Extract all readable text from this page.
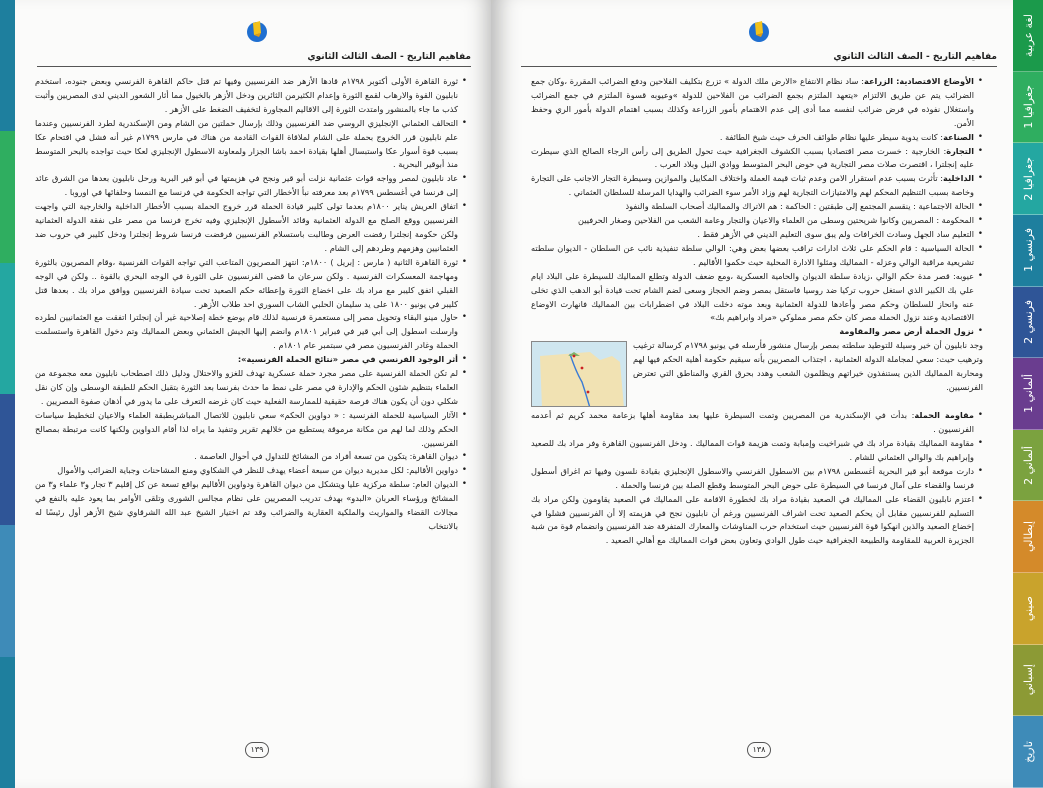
مفاهيم التاريخ - الصف الثالث الثانوي
• ثورة القاهرة الأولى أكتوبر ١٧٩٨م قادها الأزهر ضد الفرنسيين وفيها تم قتل حاكم القاهرة الفرنسي وبعض جنوده، استخدم نابليون القوة والارهاب لقمع الثورة وإعدام الكثيرمن الثائرين ودخل الأزهر بالخيول مما أثار الشعور الديني لدى المصريين وأثبت كذب ما جاء بالمنشور وامتدت الثورة إلى الاقاليم المجاورة لتخفيف الضغط على الأزهر .
• التحالف العثماني الإنجليزي الروسي ضد الفرنسيين وذلك بإرسال حملتين من الشام ومن الإسكندرية لطرد الفرنسيين وعندما علم نابليون قرر الخروج بحملة على الشام لملاقاة القوات القادمة من هناك في مارس ١٧٩٩م غير أنه فشل في اقتحام عكا بسبب قوة أسوار عكا واستبسال أهلها بقيادة احمد باشا الجزار ولمعاونة الاسطول الإنجليزي لعكا حيث تواجده بالبحر المتوسط منذ أبوقير البحرية .
• عاد نابليون لمصر وواجه قوات عثمانية نزلت أبو قير ونجح في هزيمتها في أبو قير البرية ورحل نابليون بعدها من الشرق عائد إلى فرنسا في أغسطس ١٧٩٩م بعد معرفته نبأ الأخطار التي تواجه الحكومة في فرنسا مع النمسا وحلفائها في اوروبا .
• اتفاق العريش يناير ١٨٠٠م بعدما تولى كليبر قيادة الحملة قرر خروج الحملة بسبب الأخطار الداخلية والخارجية التي واجهت الفرنسيين ووقع الصلح مع الدولة العثمانية وقائد الأسطول الإنجليزي وفيه تخرج فرنسا من مصر على نفقة الدولة العثمانية ولكن حكومة إنجلترا رفضت العرض وطالبت باستسلام الفرنسيين فرفضت فرنسا شروط إنجلترا ودخل كليبر في حروب ضد العثمانيين وهزمهم وطردهم إلى الشام .
• ثورة القاهرة الثانية ( مارس : إبريل ) ١٨٠٠م: انتهز المصريون المتاعب التي تواجه القوات الفرنسية ،وقام المصريون بالثورة ومهاجمة المعسكرات الفرنسية . ولكن سرعان ما قضى الفرنسيون على الثورة في الوجه البحري بالقوة .. ولكن في الوجه القبلي اتفق كليبر مع مراد بك على اخضاع الثورة وإعطائه حكم الصعيد تحت سيادة الفرنسيين ووافق مراد بك . بعدها قتل كليبر في يونيو ١٨٠٠ على يد سليمان الحلبي الشاب السوري احد طلاب الأزهر .
• حاول مينو البقاء وتحويل مصر إلى مستعمرة فرنسية لذلك قام بوضع خطة إصلاحية غير أن إنجلترا اتفقت مع العثمانيين لطرده وارسلت اسطول إلى أبي قير في فبراير ١٨٠١م وانضم إليها الجيش العثماني وبعض المماليك وتم دخول القاهرة واستسلمت الحملة وغادر الفرنسيون مصر في سبتمبر عام ١٨٠١م .
• أثر الوجود الفرنسي في مصر «نتائج الحملة الفرنسية»:
• لم تكن الحملة الفرنسية على مصر مجرد حملة عسكرية تهدف للغزو والاحتلال ودليل ذلك اصطحاب نابليون معه مجموعة من العلماء بتنظيم شئون الحكم والإدارة في مصر على نمط ما حدث بفرنسا بعد الثورة بتقبل الحكم للطبقة الوسطى وإن كان نقل شكلي دون أن يكون هناك فرصة حقيقية للممارسة الفعلية حيث كان غرضه التعرف على ما يدور في أذهان صفوة المصريين .
• الآثار السياسية للحملة الفرنسية : « دواوين الحكم» سعي نابليون للاتصال المباشربطبقة العلماء والاعيان لتخطيط سياسات الحكم وذلك لما لهم من مكانة مرموقة يستطيع من خلالهم تقرير وتنفيذ ما يراه لذا أقام الدواوين ولكنها كانت مرتبطة بمصالح الفرنسيين.
• ديوان القاهرة: يتكون من تسعة أفراد من المشائخ للتداول في أحوال العاصمة .
• دواوين الأقاليم: لكل مديرية ديوان من سبعة أعضاء يهدف للنظر في الشكاوي ومنع المشاحنات وجباية الضرائب والأموال
• الديوان العام: سلطة مركزية عليا ويتشكل من ديوان القاهرة ودواوين الأقاليم بواقع تسعة عن كل إقليم ٣ تجار و٣ علماء و٣ من المشائخ ورؤساء العربان «البدو» بهدف تدريب المصريين على نظام مجالس الشورى وتلقى الأوامر بما يعود عليه بالنفع في مجالات القضاء والمواريث والملكية العقارية والضرائب وقد تم اختيار الشيخ عبد الله الشرقاوي شيخ الأزهر أول رئيسًا له بالانتخاب
١٣٩
مفاهيم التاريخ - الصف الثالث الثانوي
• الأوضاع الاقتصادية: الزراعة: ساد نظام الانتفاع «الارض ملك الدولة » تزرع بتكليف الفلاحين ودفع الضرائب المقررة ،وكان جمع الضرائب يتم عن طريق الالتزام «يتعهد الملتزم بجمع الضرائب من الفلاحين للدولة »وعيوبه قسوة الملتزم في جمع الضرائب واستغلال نفوذه في فرض ضرائب لنفسه مما أدى إلى عدم الاهتمام بأمور الزراعة وكذلك بسبب اهتمام الدولة بأمور الري وحفظ الأمن.
• الصناعة: كانت يدوية سيطر عليها نظام طوائف الحرف حيث شيخ الطائفة .
• التجارة: الخارجية : خسرت مصر اقتصاديا بسبب الكشوف الجغرافية حيث تحول الطريق إلى رأس الرجاء الصالح الذي سيطرت عليه إنجلترا ، اقتصرت صلات مصر التجارية في حوض البحر المتوسط ووادي النيل وبلاد العرب .
• الداخلية: تأثرت بسبب عدم استقرار الامن وعدم ثبات قيمة العملة واختلاف المكاييل والموازين وسيطرة التجار الاجانب على التجارة وخاصة بسبب التنظيم المحكم لهم والامتيازات التجارية لهم وزاد الأمر سوء الضرائب والهدايا المرسلة للسلطان العثماني .
• الحالة الاجتماعية : ينقسم المجتمع إلى طبقتين : الحاكمة : هم الاتراك والمماليك أصحاب السلطة والنفوذ
• المحكومة : المصريين وكانوا شريحتين وسطى من العلماء والاعيان والتجار وعامة الشعب من الفلاحين وصغار الحرفيين
• التعليم ساد الجهل وسادت الخرافات ولم يبق سوى التعليم الديني في الأزهر فقط .
• الحالة السياسية : قام الحكم على ثلاث ادارات تراقب بعضها بعض وهي: الوالي سلطة تنفيذية نائب عن السلطان - الديوان سلطته تشريعية مراقبة الوالي وعزله - المماليك ومثلوا الادارة المحلية حيث حكموا الأقاليم .
• عيوبه: قصر مدة حكم الوالي ،زيادة سلطة الديوان والحامية العسكرية ،ومع ضعف الدولة وتطلع المماليك للسيطرة على البلاد ايام علي بك الكبير الذي استغل حروب تركيا ضد روسيا فاستقل بمصر وضم الحجاز وسعى لضم الشام تحت قيادة أبو الدهب الذي تخلى عنه وانحاز للسلطان وحكم مصر وأعادها للدولة العثمانية وبعد موته دخلت البلاد في اضطرابات بين المماليك فانهارت الاوضاع الاقتصادية وعند نزول الحملة مصر كان حكم مصر مملوكي «مراد وابراهيم بك»
• نزول الحملة أرض مصر والمقاومة
وجد نابليون أن خير وسيلة للتوطيد سلطته بمصر بإرسال منشور فأرسله في يونيو ١٧٩٨م كرسالة ترغيب وترهيب حيث: سعي لمجاملة الدولة العثمانية ، اجتذاب المصريين بأنه سيقيم حكومة أهلية الحكم فيها لهم ومحاربة المماليك الذين يستنفذون خيراتهم ويظلمون الشعب وهدد بحرق القري والمناطق التي تعترض الفرنسيين.
• مقاومة الحملة: بدأت في الإسكندرية من المصريين وتمت السيطرة عليها بعد مقاومة أهلها بزعامة محمد كريم ثم أعدمه الفرنسيون .
• مقاومة المماليك بقيادة مراد بك في شبراخيت وإمبابة وتمت هزيمة قوات المماليك . ودخل الفرنسيون القاهرة وفر مراد بك للصعيد وإبراهيم بك والوالي العثماني للشام .
• دارت موقعة أبو قير البحرية أغسطس ١٧٩٨م بين الاسطول الفرنسي والاسطول الإنجليزي بقيادة نلسون وفيها تم اغراق أسطول فرنسا والقضاء على آمال فرنسا في السيطرة على حوض البحر المتوسط وقطع الصلة بين فرنسا والحملة .
• اعتزم نابليون القضاء على المماليك في الصعيد بقيادة مراد بك لخطورة الاقامة على المماليك في الصعيد يقاومون ولكن مراد بك التسليم للفرنسيين مقابل أن يحكم الصعيد تحت اشراف الفرنسيين ورغم أن نابليون نجح في هزيمته إلا أن الفرنسيين فشلوا في إخضاع الصعيد والذين انهكوا قوة الفرنسيين حيث استخدام حرب المناوشات والمعارك المتفرقة ضد الفرنسيين وانضمام قوة من شبة الجزيرة العربية للمقاومة والطبيعة الجغرافية حيث طول الوادي وتعاون بعض قوات المماليك مع أهالي الصعيد .
١٣٨
لغة عربية
جغرافيا 1
جغرافيا 2
فرنسي 1
فرنسي 2
ألماني 1
ألماني 2
إيطالي
صيني
إسباني
تاريخ
